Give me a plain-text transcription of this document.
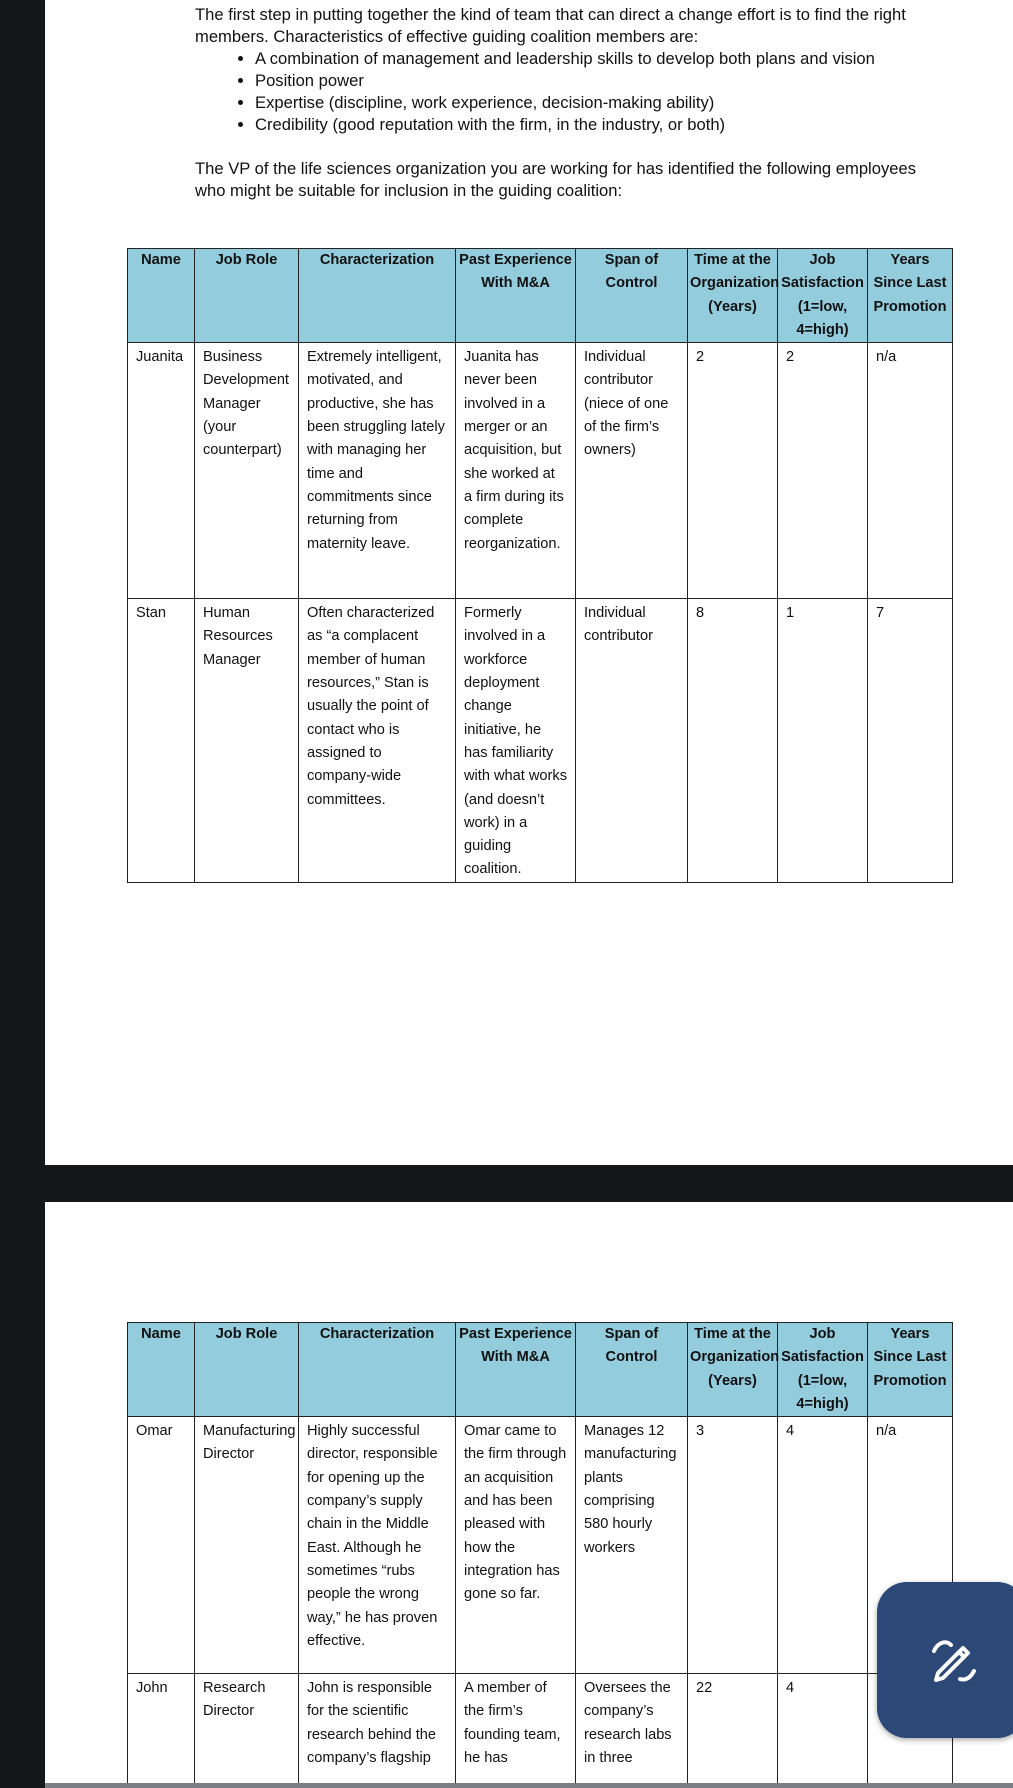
The first step in putting together the kind of team that can direct a change effort is to find the right members. Characteristics of effective guiding coalition members are:

• A combination of management and leadership skills to develop both plans and vision
• Position power
• Expertise (discipline, work experience, decision-making ability)
• Credibility (good reputation with the firm, in the industry, or both)

The VP of the life sciences organization you are working for has identified the following employees who might be suitable for inclusion in the guiding coalition:

Name	Job Role	Characterization	Past Experience With M&A	Span of Control	Time at the Organization (Years)	Job Satisfaction (1=low, 4=high)	Years Since Last Promotion
Juanita	Business Development Manager (your counterpart)	Extremely intelligent, motivated, and productive, she has been struggling lately with managing her time and commitments since returning from maternity leave.	Juanita has never been involved in a merger or an acquisition, but she worked at a firm during its complete reorganization.	Individual contributor (niece of one of the firm’s owners)	2	2	n/a
Stan	Human Resources Manager	Often characterized as “a complacent member of human resources,” Stan is usually the point of contact who is assigned to company-wide committees.	Formerly involved in a workforce deployment change initiative, he has familiarity with what works (and doesn’t work) in a guiding coalition.	Individual contributor	8	1	7
Name	Job Role	Characterization	Past Experience With M&A	Span of Control	Time at the Organization (Years)	Job Satisfaction (1=low, 4=high)	Years Since Last Promotion
Omar	Manufacturing Director	Highly successful director, responsible for opening up the company’s supply chain in the Middle East. Although he sometimes “rubs people the wrong way,” he has proven effective.	Omar came to the firm through an acquisition and has been pleased with how the integration has gone so far.	Manages 12 manufacturing plants comprising 580 hourly workers	3	4	n/a
John	Research Director	John is responsible for the scientific research behind the company’s flagship	A member of the firm’s founding team, he has	Oversees the company’s research labs in three	22	4	
